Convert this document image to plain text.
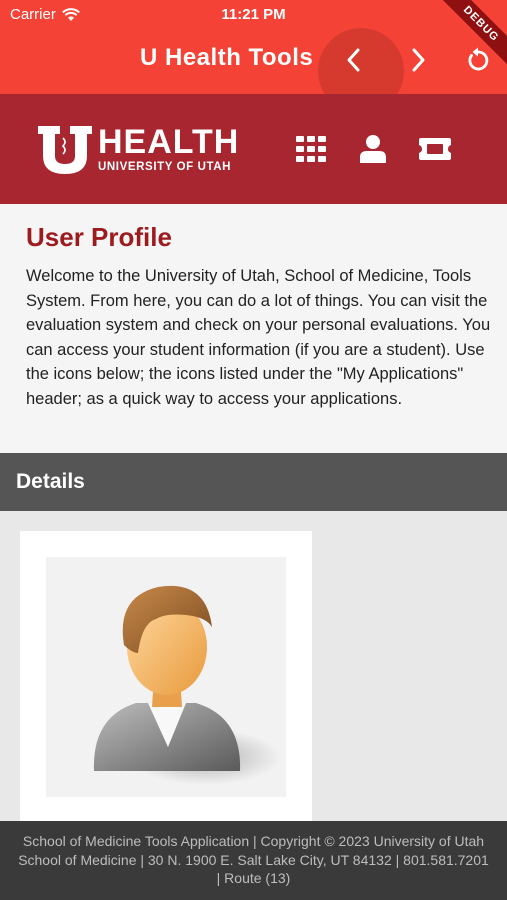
Carrier	11:21 PM
U Health Tools
DEBUG
HEALTH
UNIVERSITY OF UTAH
User Profile

Welcome to the University of Utah, School of Medicine, Tools System. From here, you can do a lot of things. You can visit the evaluation system and check on your personal evaluations. You can access your student information (if you are a student). Use the icons below; the icons listed under the "My Applications" header; as a quick way to access your applications.

Details

School of Medicine Tools Application | Copyright © 2023 University of Utah School of Medicine | 30 N. 1900 E. Salt Lake City, UT 84132 | 801.581.7201 | Route (13)
